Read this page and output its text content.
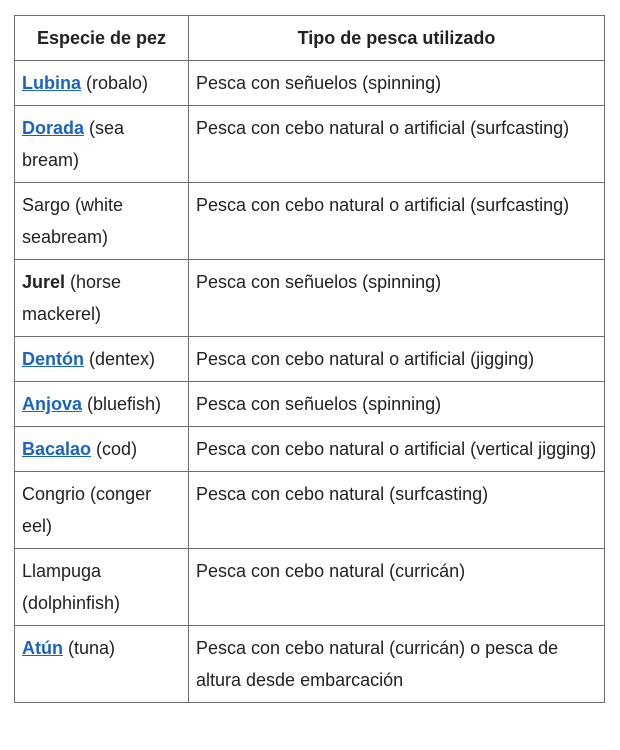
Especie de pez	Tipo de pesca utilizado
Lubina (robalo)	Pesca con señuelos (spinning)
Dorada (sea bream)	Pesca con cebo natural o artificial (surfcasting)
Sargo (white seabream)	Pesca con cebo natural o artificial (surfcasting)
Jurel (horse mackerel)	Pesca con señuelos (spinning)
Dentón (dentex)	Pesca con cebo natural o artificial (jigging)
Anjova (bluefish)	Pesca con señuelos (spinning)
Bacalao (cod)	Pesca con cebo natural o artificial (vertical jigging)
Congrio (conger eel)	Pesca con cebo natural (surfcasting)
Llampuga (dolphinfish)	Pesca con cebo natural (curricán)
Atún (tuna)	Pesca con cebo natural (curricán) o pesca de altura desde embarcación
